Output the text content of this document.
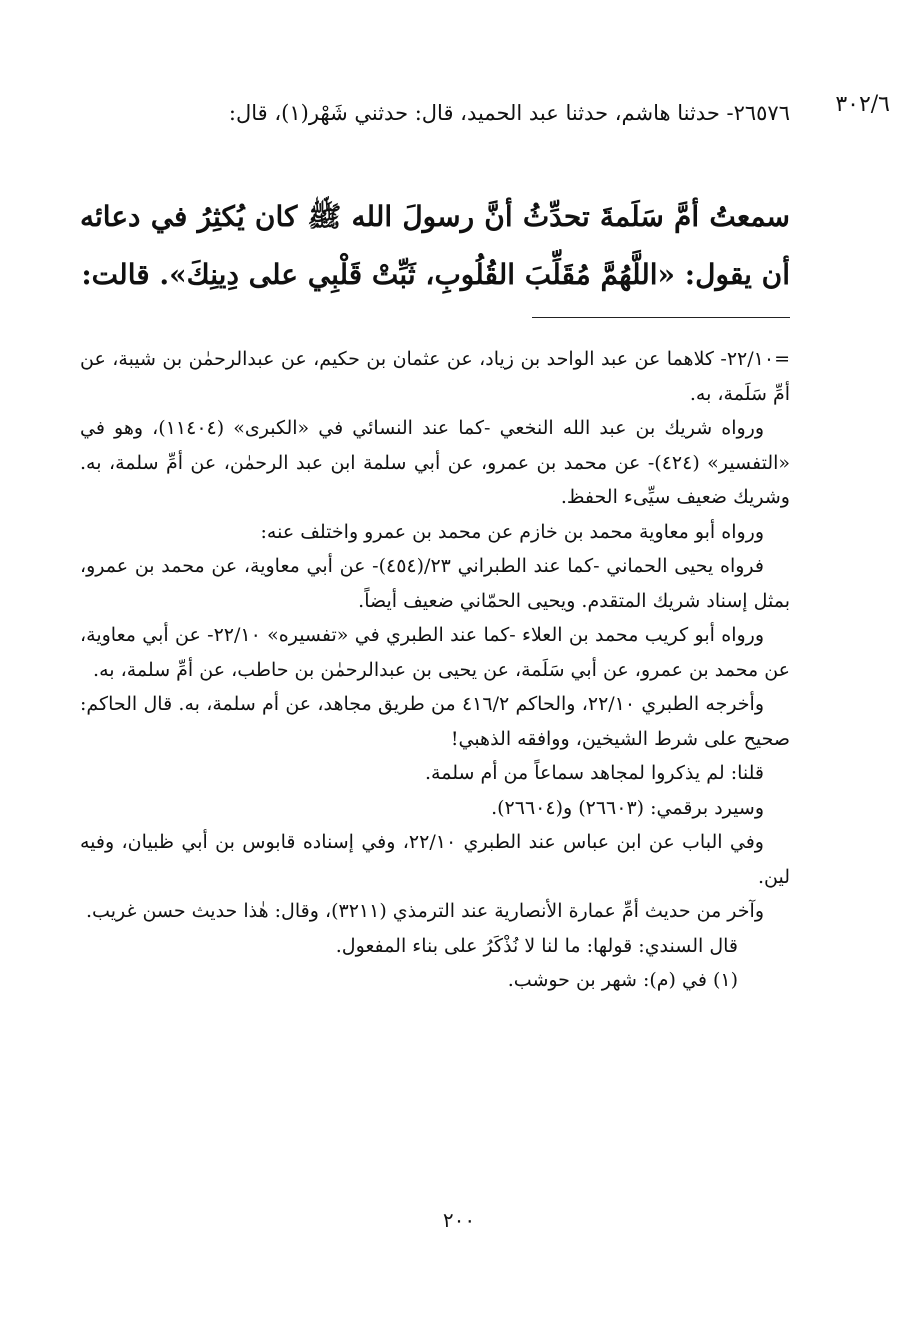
٣٠٢/٦
٢٦٥٧٦- حدثنا هاشم، حدثنا عبد الحميد، قال: حدثني شَهْر(١)، قال:
سمعتُ أمَّ سَلَمةَ تحدِّثُ أنَّ رسولَ الله ﷺ كان يُكثِرُ في دعائه أن يقول: «اللَّهُمَّ مُقَلِّبَ القُلُوبِ، ثَبِّتْ قَلْبِي على دِينِكَ». قالت:

=٢٢/١٠- كلاهما عن عبد الواحد بن زياد، عن عثمان بن حكيم، عن عبدالرحمٰن بن شيبة، عن أمِّ سَلَمة، به.

ورواه شريك بن عبد الله النخعي -كما عند النسائي في «الكبرى» (١١٤٠٤)، وهو في «التفسير» (٤٢٤)- عن محمد بن عمرو، عن أبي سلمة ابن عبد الرحمٰن، عن أمِّ سلمة، به. وشريك ضعيف سيِّىء الحفظ.

ورواه أبو معاوية محمد بن خازم عن محمد بن عمرو واختلف عنه:

فرواه يحيى الحماني -كما عند الطبراني ٢٣/(٤٥٤)- عن أبي معاوية، عن محمد بن عمرو، بمثل إسناد شريك المتقدم. ويحيى الحمّاني ضعيف أيضاً.

ورواه أبو كريب محمد بن العلاء -كما عند الطبري في «تفسيره» ٢٢/١٠- عن أبي معاوية، عن محمد بن عمرو، عن أبي سَلَمة، عن يحيى بن عبدالرحمٰن بن حاطب، عن أمِّ سلمة، به.

وأخرجه الطبري ٢٢/١٠، والحاكم ٤١٦/٢ من طريق مجاهد، عن أم سلمة، به. قال الحاكم: صحيح على شرط الشيخين، ووافقه الذهبي!

قلنا: لم يذكروا لمجاهد سماعاً من أم سلمة.

وسيرد برقمي: (٢٦٦٠٣) و(٢٦٦٠٤).

وفي الباب عن ابن عباس عند الطبري ٢٢/١٠، وفي إسناده قابوس بن أبي ظبيان، وفيه لين.

وآخر من حديث أمِّ عمارة الأنصارية عند الترمذي (٣٢١١)، وقال: هٰذا حديث حسن غريب.

قال السندي: قولها: ما لنا لا نُذْكَرُ على بناء المفعول.

(١) في (م): شهر بن حوشب.

٢٠٠
